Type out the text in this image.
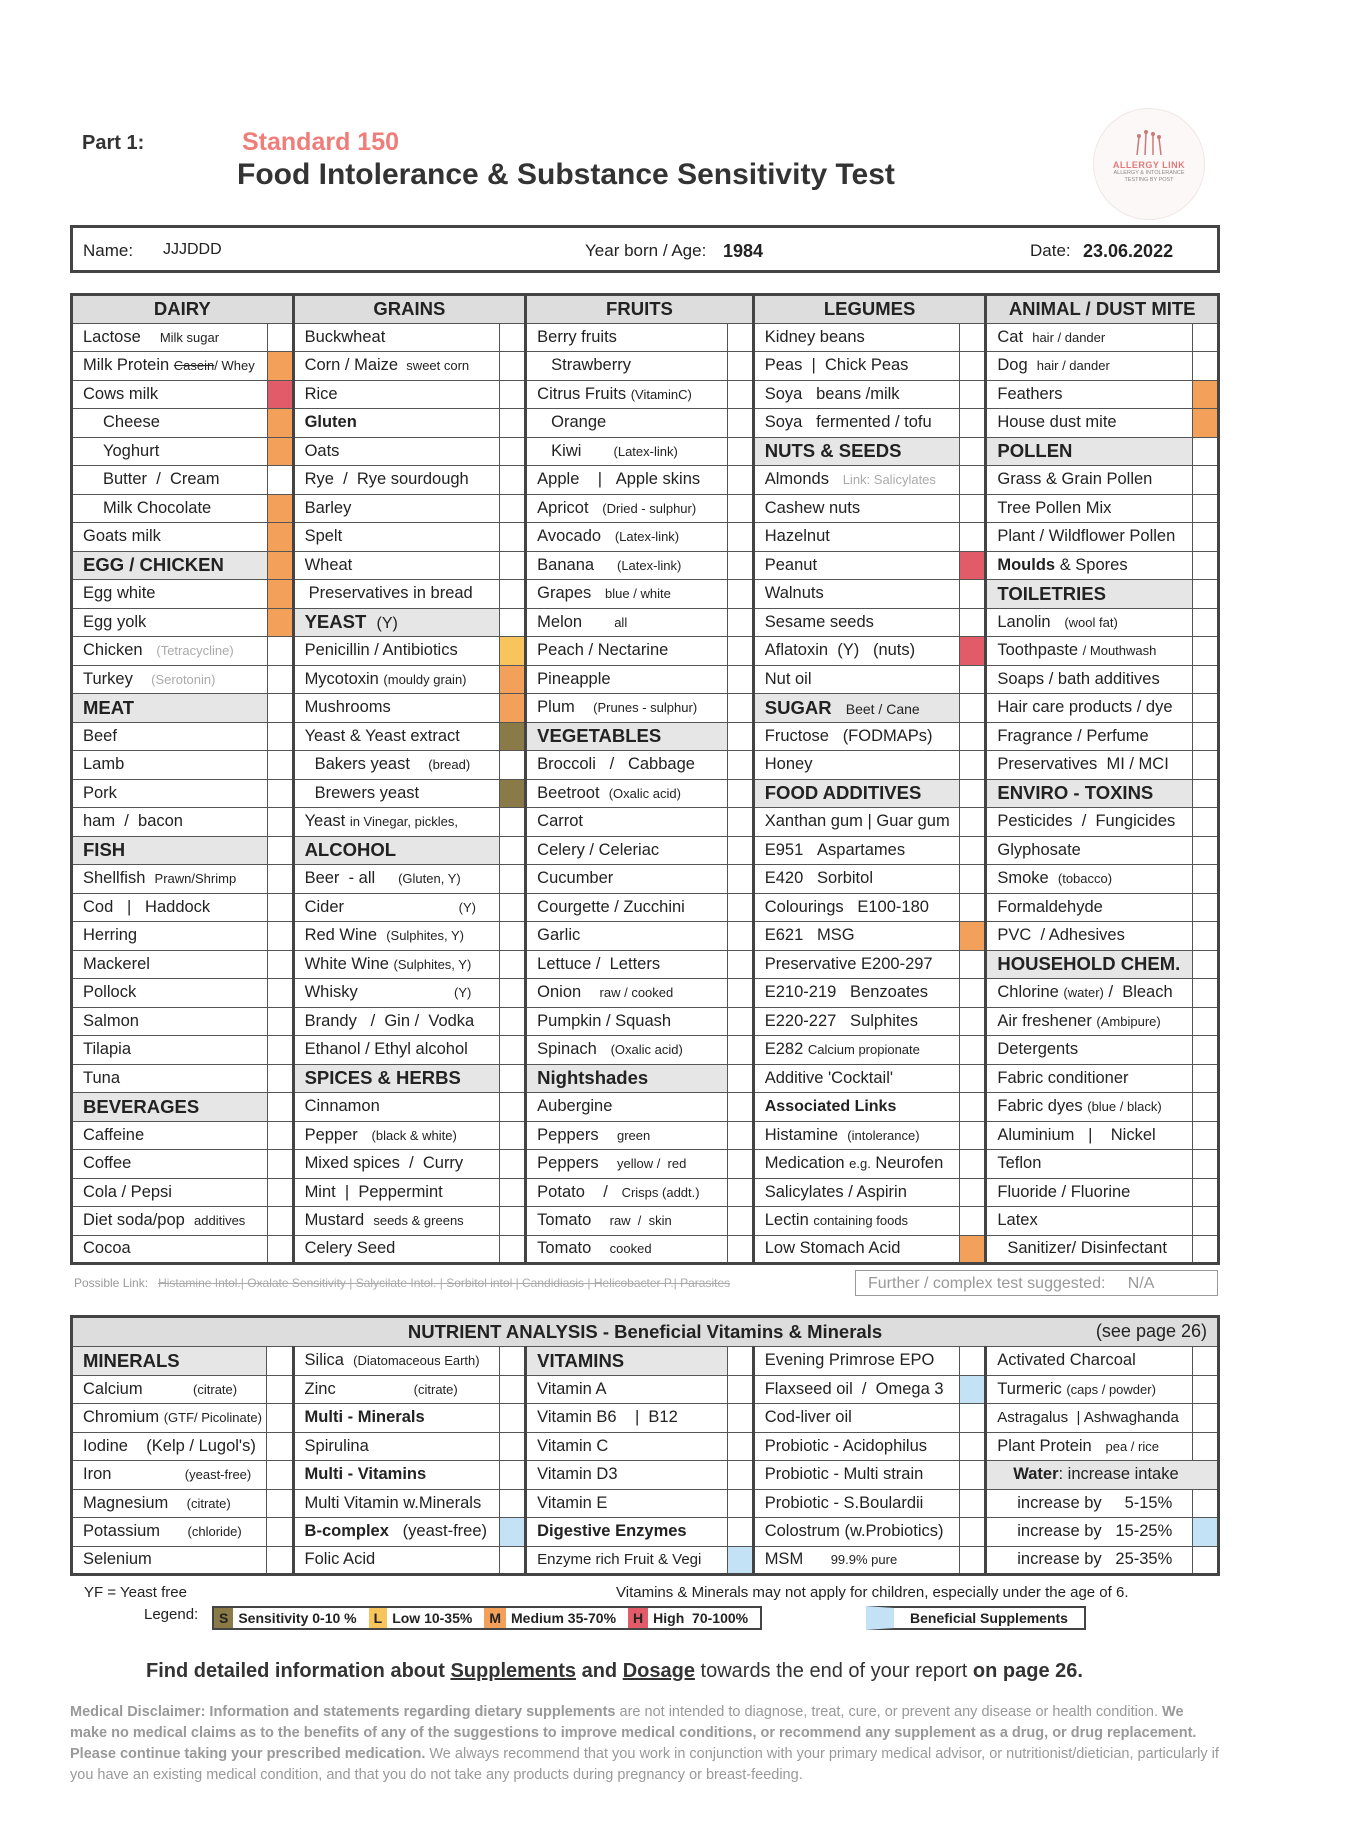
Part 1:	Standard 150
Food Intolerance & Substance Sensitivity Test	ALLERGY LINK
ALLERGY & INTOLERANCE
TESTING BY POST
Name: JJJDDD	Year born / Age: 1984	Date: 23.06.2022
DAIRY		GRAINS		FRUITS		LEGUMES		ANIMAL / DUST MITE	
Lactose     Milk sugar		Buckwheat		Berry fruits		Kidney beans		Cat  hair / dander	
Milk Protein Casein/ Whey		Corn / Maize  sweet corn		Strawberry		Peas  |  Chick Peas		Dog  hair / dander	
Cows milk		Rice		Citrus Fruits (VitaminC)		Soya   beans /milk		Feathers	
Cheese		Gluten		Orange		Soya   fermented / tofu		House dust mite	
Yoghurt		Oats		Kiwi       (Latex-link)		NUTS & SEEDS		POLLEN	
Butter  /  Cream		Rye  /  Rye sourdough		Apple    |   Apple skins		Almonds   Link: Salicylates		Grass & Grain Pollen	
Milk Chocolate		Barley		Apricot   (Dried - sulphur)		Cashew nuts		Tree Pollen Mix	
Goats milk		Spelt		Avocado   (Latex-link)		Hazelnut		Plant / Wildflower Pollen	
EGG / CHICKEN		Wheat		Banana     (Latex-link)		Peanut		Moulds & Spores	
Egg white		Preservatives in bread		Grapes   blue / white		Walnuts		TOILETRIES	
Egg yolk		YEAST  (Y)		Melon       all		Sesame seeds		Lanolin   (wool fat)	
Chicken   (Tetracycline)		Penicillin / Antibiotics		Peach / Nectarine		Aflatoxin  (Y)   (nuts)		Toothpaste / Mouthwash	
Turkey    (Serotonin)		Mycotoxin (mouldy grain)		Pineapple		Nut oil		Soaps / bath additives	
MEAT		Mushrooms		Plum    (Prunes - sulphur)		SUGAR   Beet / Cane		Hair care products / dye	
Beef		Yeast & Yeast extract		VEGETABLES		Fructose   (FODMAPs)		Fragrance / Perfume	
Lamb		Bakers yeast    (bread)		Broccoli   /   Cabbage		Honey		Preservatives  MI / MCI	
Pork		Brewers yeast		Beetroot  (Oxalic acid)		FOOD ADDITIVES		ENVIRO - TOXINS	
ham  /  bacon		Yeast in Vinegar, pickles,		Carrot		Xanthan gum | Guar gum		Pesticides  /  Fungicides	
FISH		ALCOHOL		Celery / Celeriac		E951   Aspartames		Glyphosate	
Shellfish  Prawn/Shrimp		Beer  - all     (Gluten, Y)		Cucumber		E420   Sorbitol		Smoke  (tobacco)	
Cod   |   Haddock		Cider                         (Y)		Courgette / Zucchini		Colourings   E100-180		Formaldehyde	
Herring		Red Wine  (Sulphites, Y)		Garlic		E621   MSG		PVC  / Adhesives	
Mackerel		White Wine (Sulphites, Y)		Lettuce /  Letters		Preservative E200-297		HOUSEHOLD CHEM.	
Pollock		Whisky                     (Y)		Onion    raw / cooked		E210-219   Benzoates		Chlorine (water) /  Bleach	
Salmon		Brandy   /  Gin /  Vodka		Pumpkin / Squash		E220-227   Sulphites		Air freshener (Ambipure)	
Tilapia		Ethanol / Ethyl alcohol		Spinach   (Oxalic acid)		E282 Calcium propionate		Detergents	
Tuna		SPICES & HERBS		Nightshades		Additive 'Cocktail'		Fabric conditioner	
BEVERAGES		Cinnamon		Aubergine		Associated Links		Fabric dyes (blue / black)	
Caffeine		Pepper   (black & white)		Peppers    green		Histamine  (intolerance)		Aluminium   |    Nickel	
Coffee		Mixed spices  /  Curry		Peppers    yellow /  red		Medication e.g. Neurofen		Teflon	
Cola / Pepsi		Mint  |  Peppermint		Potato    /   Crisps (addt.)		Salicylates / Aspirin		Fluoride / Fluorine	
Diet soda/pop  additives		Mustard  seeds & greens		Tomato    raw  /  skin		Lectin containing foods		Latex	
Cocoa		Celery Seed		Tomato    cooked		Low Stomach Acid		Sanitizer/ Disinfectant	
Possible Link: Histamine Intol.| Oxalate Sensitivity | Salycilate Intol. | Sorbitol intol | Candidiasis | Helicobacter P.| Parasites	Further / complex test suggested: N/A
NUTRIENT ANALYSIS - Beneficial Vitamins & Minerals (see page 26)									

MINERALS		Silica  (Diatomaceous Earth)		VITAMINS		Evening Primrose EPO		Activated Charcoal	
Calcium           (citrate)		Zinc                 (citrate)		Vitamin A		Flaxseed oil  /  Omega 3		Turmeric (caps / powder)	
Chromium (GTF/ Picolinate)		Multi - Minerals		Vitamin B6    |  B12		Cod-liver oil		Astragalus  | Ashwaghanda	
Iodine    (Kelp / Lugol's)		Spirulina		Vitamin C		Probiotic - Acidophilus		Plant Protein   pea / rice	
Iron                (yeast-free)		Multi - Vitamins		Vitamin D3		Probiotic - Multi strain		Water: increase intake	
Magnesium    (citrate)		Multi Vitamin w.Minerals		Vitamin E		Probiotic - S.Boulardii		increase by     5-15%	
Potassium      (chloride)		B-complex   (yeast-free)		Digestive Enzymes		Colostrum (w.Probiotics)		increase by   15-25%	
Selenium		Folic Acid		Enzyme rich Fruit & Vegi		MSM      99.9% pure		increase by   25-35%	
YF = Yeast free	Vitamins & Minerals may not apply for children, especially under the age of 6.
Legend:	S Sensitivity 0-10 %	L Low 10-35%	M Medium 35-70%	H High  70-100%	Beneficial Supplements
Find detailed information about Supplements and Dosage towards the end of your report on page 26.
Medical Disclaimer: Information and statements regarding dietary supplements are not intended to diagnose, treat, cure, or prevent any disease or health condition. We make no medical claims as to the benefits of any of the suggestions to improve medical conditions, or recommend any supplement as a drug, or drug replacement. Please continue taking your prescribed medication. We always recommend that you work in conjunction with your primary medical advisor, or nutritionist/dietician, particularly if you have an existing medical condition, and that you do not take any products during pregnancy or breast-feeding.
